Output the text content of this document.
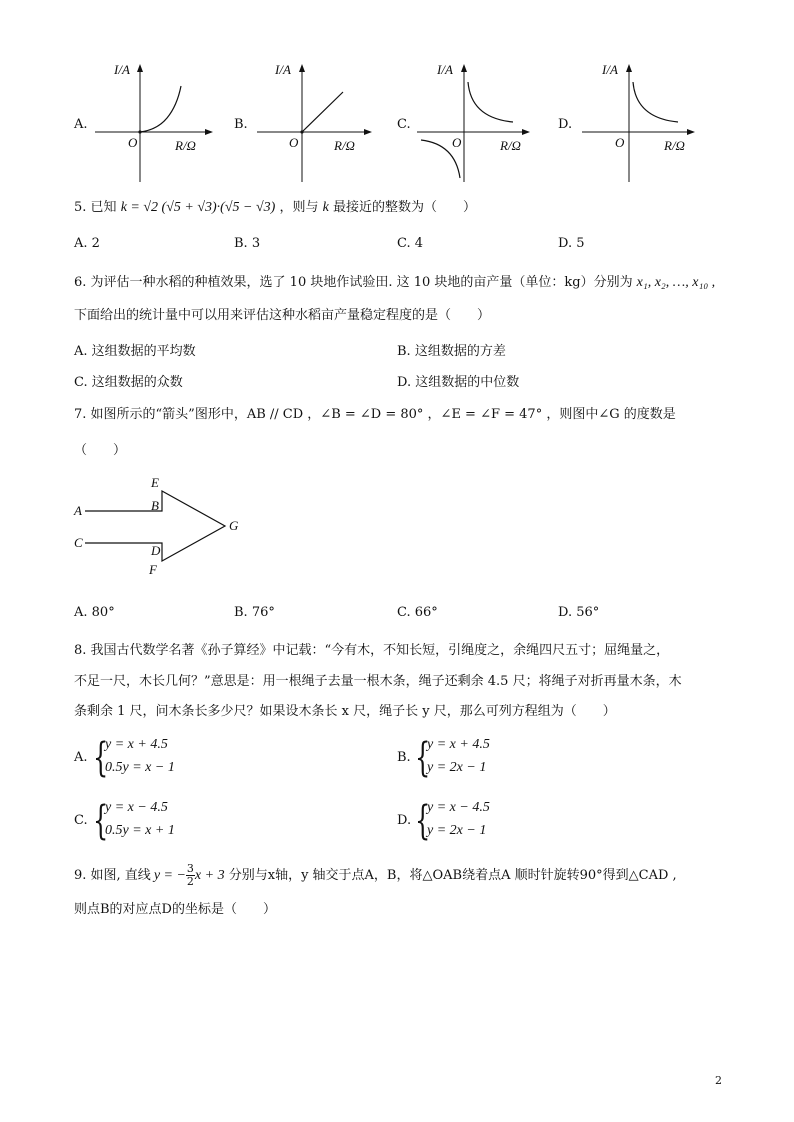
A.
I/A
O	R/Ω
B.
I/A
O	R/Ω
C.
I/A
O	R/Ω
D.
I/A
O	R/Ω
5. 已知 k = √2 (√5 + √3)·(√5 − √3) ，则与 k 最接近的整数为（　　）
A. 2	B. 3	C. 4	D. 5
6. 为评估一种水稻的种植效果，选了 10 块地作试验田. 这 10 块地的亩产量（单位：kg）分别为 x₁, x₂, …, x₁₀ ,
下面给出的统计量中可以用来评估这种水稻亩产量稳定程度的是（　　）
A. 这组数据的平均数	B. 这组数据的方差
C. 这组数据的众数	D. 这组数据的中位数
7. 如图所示的“箭头”图形中，AB // CD ，∠B = ∠D = 80° ，∠E = ∠F = 47° ，则图中∠G 的度数是
（　　）
E
B
A
C
D
F
G
A. 80°	B. 76°	C. 66°	D. 56°
8. 我国古代数学名著《孙子算经》中记载：“今有木，不知长短，引绳度之，余绳四尺五寸；屈绳量之，
不足一尺，木长几何？”意思是：用一根绳子去量一根木条，绳子还剩余 4.5 尺；将绳子对折再量木条，木
条剩余 1 尺，问木条长多少尺？如果设木条长 x 尺，绳子长 y 尺，那么可列方程组为（　　）
A. {
y = x + 4.5
0.5y = x − 1
B. {
y = x + 4.5
y = 2x − 1
C. {
y = x − 4.5
0.5y = x + 1
D. {
y = x − 4.5
y = 2x − 1
9. 如图, 直线 y = − $\frac{3}{2}$ x + 3 分别与x轴，y 轴交于点A，B，将△OAB绕着点A 顺时针旋转90°得到△CAD ,
则点B的对应点D的坐标是（　　）
2
